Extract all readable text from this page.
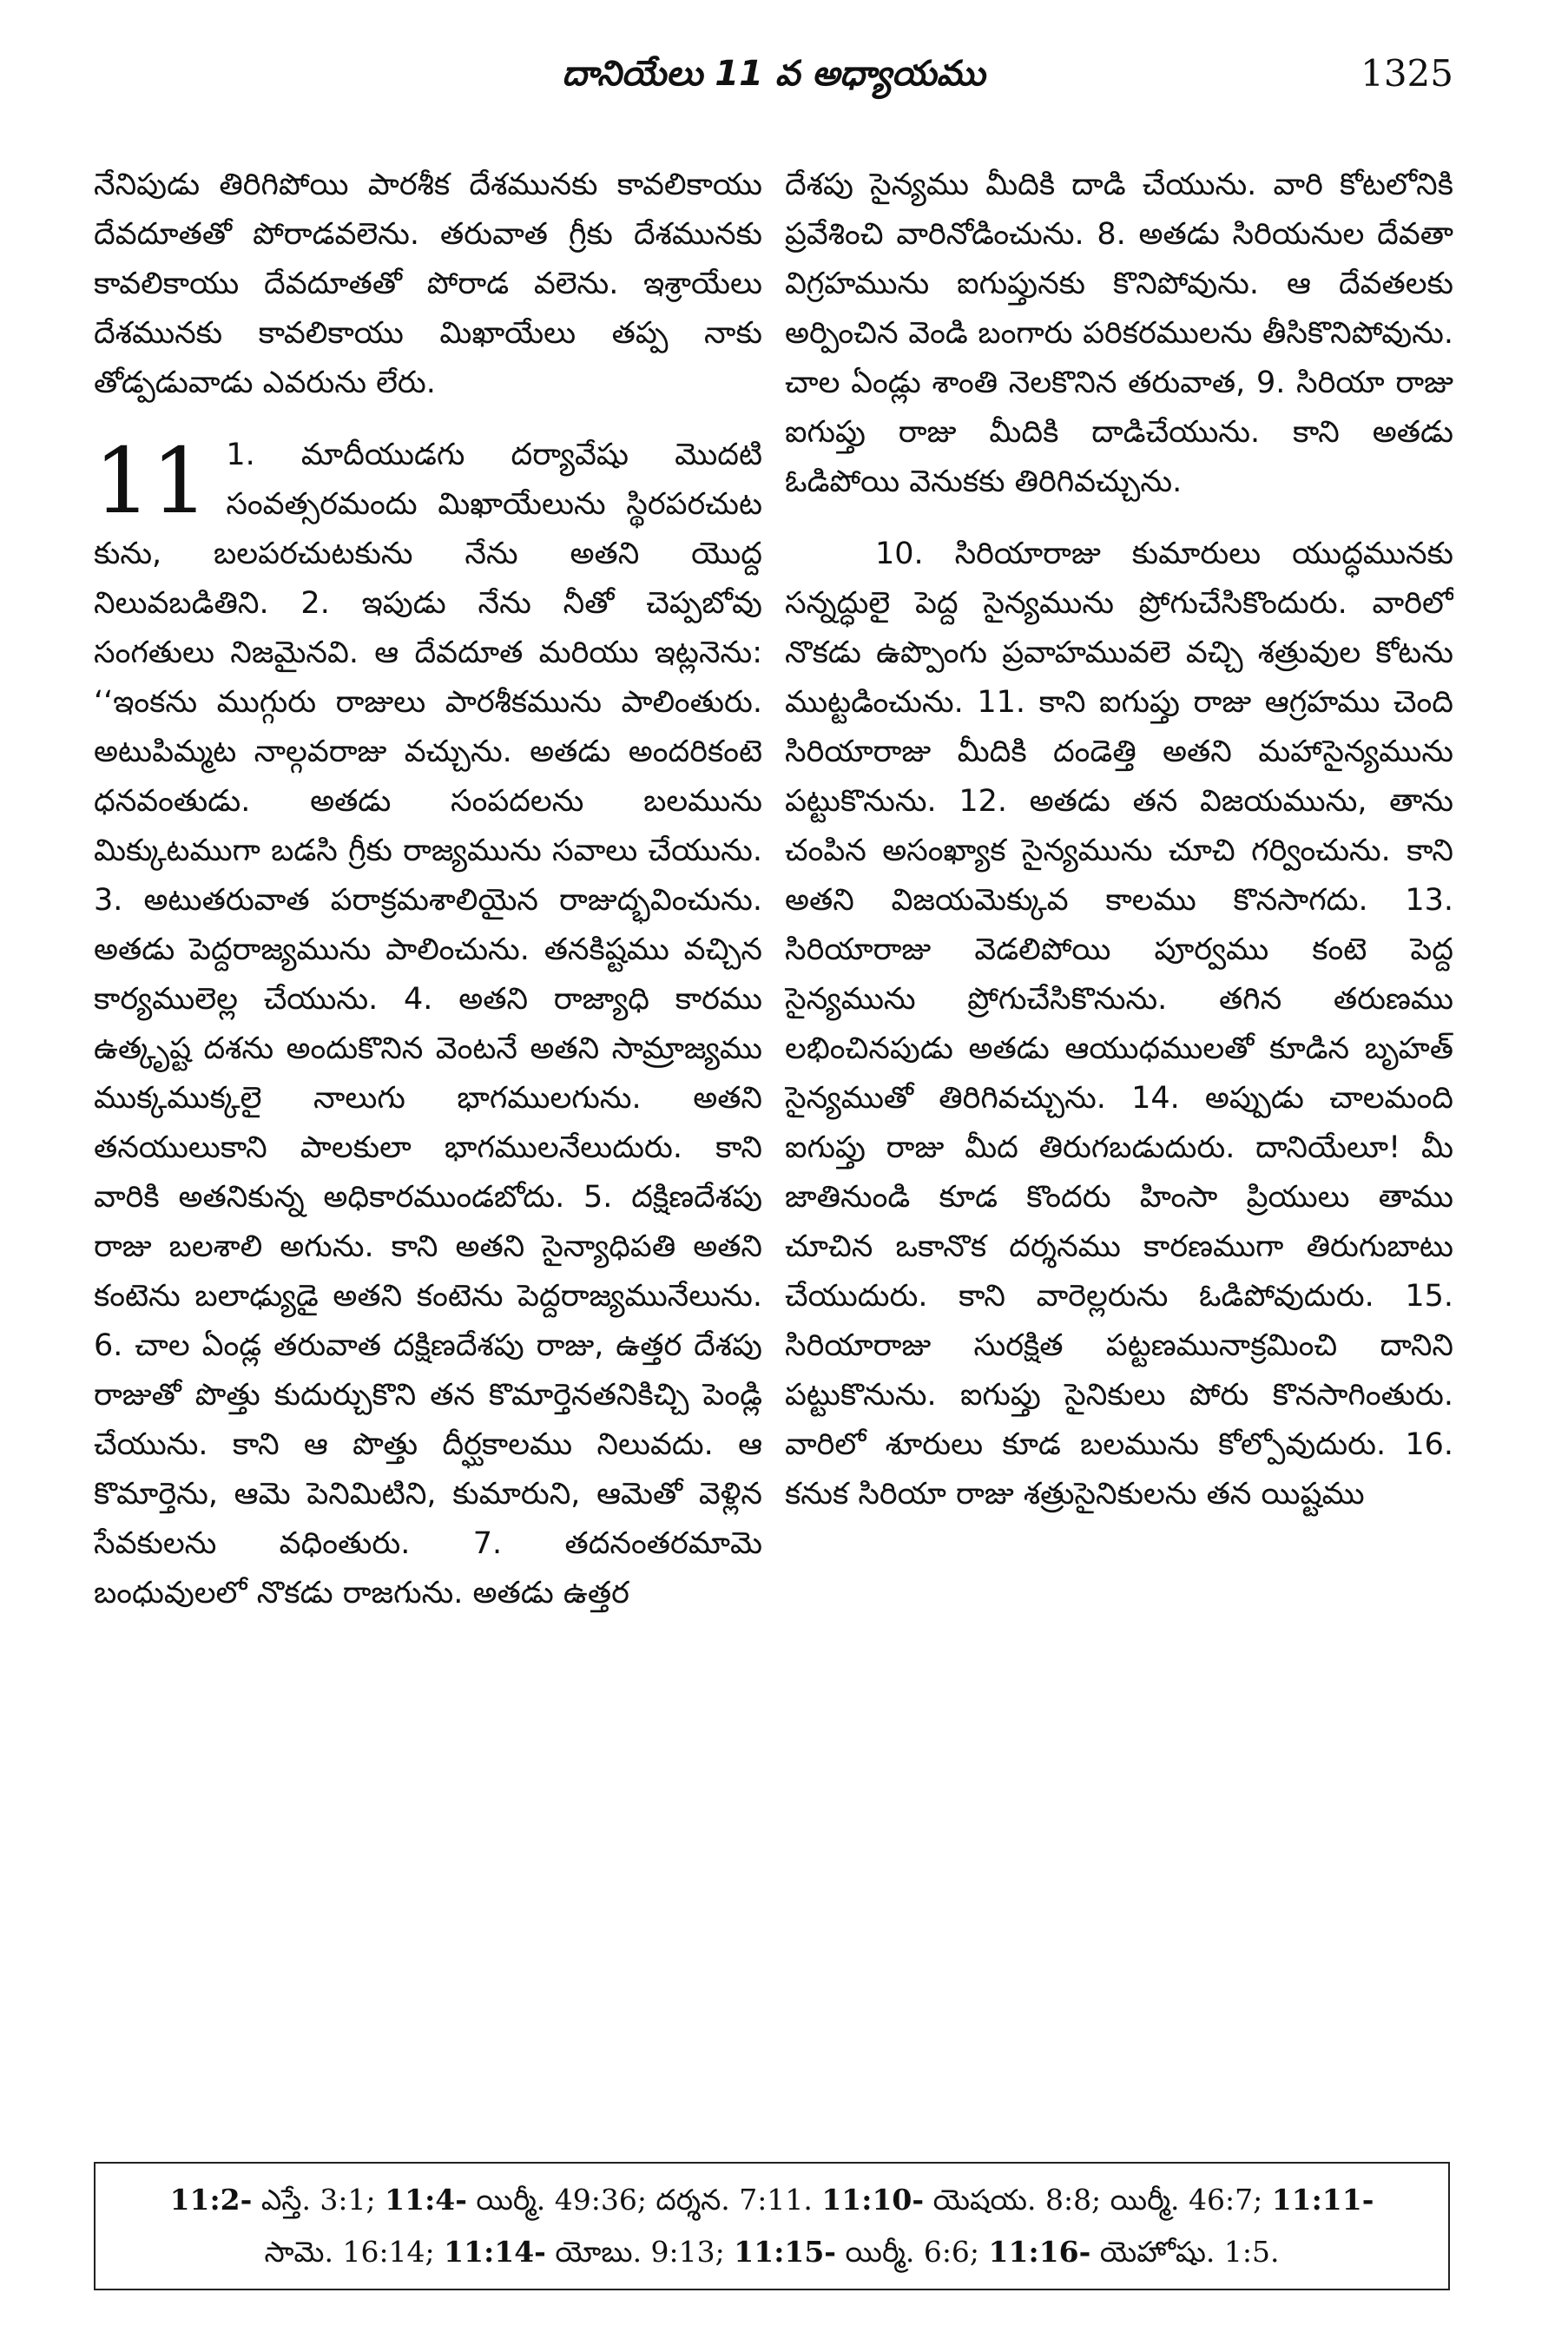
దానియేలు 11 వ అధ్యాయము	1325

నేనిపుడు తిరిగిపోయి పారశీక దేశమునకు కావలికాయు దేవదూతతో పోరాడవలెను. తరువాత గ్రీకు దేశమునకు కావలికాయు దేవదూతతో పోరాడ వలెను. ఇశ్రాయేలు దేశమునకు కావలికాయు మిఖాయేలు తప్ప నాకు తోడ్పడువాడు ఎవరును లేరు.

11 1. మాదీయుడగు దర్యావేషు మొదటి సంవత్సరమందు మిఖాయేలును స్థిరపరచుట కును, బలపరచుటకును నేను అతని యొద్ద నిలువబడితిని. 2. ఇపుడు నేను నీతో చెప్పబోవు సంగతులు నిజమైనవి. ఆ దేవదూత మరియు ఇట్లనెను: ‘‘ఇంకను ముగ్గురు రాజులు పారశీకమును పాలింతురు. అటుపిమ్మట నాల్గవరాజు వచ్చును. అతడు అందరికంటె ధనవంతుడు. అతడు సంపదలను బలమును మిక్కుటముగా బడసి గ్రీకు రాజ్యమును సవాలు చేయును. 3. అటుతరువాత పరాక్రమశాలియైన రాజుద్భవించును. అతడు పెద్దరాజ్యమును పాలించును. తనకిష్టము వచ్చిన కార్యములెల్ల చేయును. 4. అతని రాజ్యాధి కారము ఉత్కృష్ట దశను అందుకొనిన వెంటనే అతని సామ్రాజ్యము ముక్కముక్కలై నాలుగు భాగములగును. అతని తనయులుకాని పాలకులా భాగములనేలుదురు. కాని వారికి అతనికున్న అధికారముండబోదు. 5. దక్షిణదేశపు రాజు బలశాలి అగును. కాని అతని సైన్యాధిపతి అతని కంటెను బలాఢ్యుడై అతని కంటెను పెద్దరాజ్యమునేలును. 6. చాల ఏండ్ల తరువాత దక్షిణదేశపు రాజు, ఉత్తర దేశపు రాజుతో పొత్తు కుదుర్చుకొని తన కొమార్తెనతనికిచ్చి పెండ్లి చేయును. కాని ఆ పొత్తు దీర్ఘకాలము నిలువదు. ఆ కొమార్తెను, ఆమె పెనిమిటిని, కుమారుని, ఆమెతో వెళ్లిన సేవకులను వధింతురు. 7. తదనంతరమామె బంధువులలో నొకడు రాజగును. అతడు ఉత్తర

దేశపు సైన్యము మీదికి దాడి చేయును. వారి కోటలోనికి ప్రవేశించి వారినోడించును. 8. అతడు సిరియనుల దేవతా విగ్రహమును ఐగుప్తునకు కొనిపోవును. ఆ దేవతలకు అర్పించిన వెండి బంగారు పరికరములను తీసికొనిపోవును. చాల ఏండ్లు శాంతి నెలకొనిన తరువాత, 9. సిరియా రాజు ఐగుప్తు రాజు మీదికి దాడిచేయును. కాని అతడు ఓడిపోయి వెనుకకు తిరిగివచ్చును.

10. సిరియారాజు కుమారులు యుద్ధమునకు సన్నద్ధులై పెద్ద సైన్యమును ప్రోగుచేసికొందురు. వారిలో నొకడు ఉప్పొంగు ప్రవాహమువలె వచ్చి శత్రువుల కోటను ముట్టడించును. 11. కాని ఐగుప్తు రాజు ఆగ్రహము చెంది సిరియారాజు మీదికి దండెత్తి అతని మహాసైన్యమును పట్టుకొనును. 12. అతడు తన విజయమును, తాను చంపిన అసంఖ్యాక సైన్యమును చూచి గర్వించును. కాని అతని విజయమెక్కువ కాలము కొనసాగదు. 13. సిరియారాజు వెడలిపోయి పూర్వము కంటె పెద్ద సైన్యమును ప్రోగుచేసికొనును. తగిన తరుణము లభించినపుడు అతడు ఆయుధములతో కూడిన బృహత్ సైన్యముతో తిరిగివచ్చును. 14. అప్పుడు చాలమంది ఐగుప్తు రాజు మీద తిరుగబడుదురు. దానియేలూ! మీ జాతినుండి కూడ కొందరు హింసా ప్రియులు తాము చూచిన ఒకానొక దర్శనము కారణముగా తిరుగుబాటు చేయుదురు. కాని వారెల్లరును ఓడిపోవుదురు. 15. సిరియారాజు సురక్షిత పట్టణమునాక్రమించి దానిని పట్టుకొనును. ఐగుప్తు సైనికులు పోరు కొనసాగింతురు. వారిలో శూరులు కూడ బలమును కోల్పోవుదురు. 16. కనుక సిరియా రాజు శత్రుసైనికులను తన యిష్టము

11:2- ఎస్తే. 3:1; 11:4- యిర్మీ. 49:36; దర్శన. 7:11. 11:10- యెషయ. 8:8; యిర్మీ. 46:7; 11:11-
సామె. 16:14; 11:14- యోబు. 9:13; 11:15- యిర్మీ. 6:6; 11:16- యెహోషు. 1:5.
